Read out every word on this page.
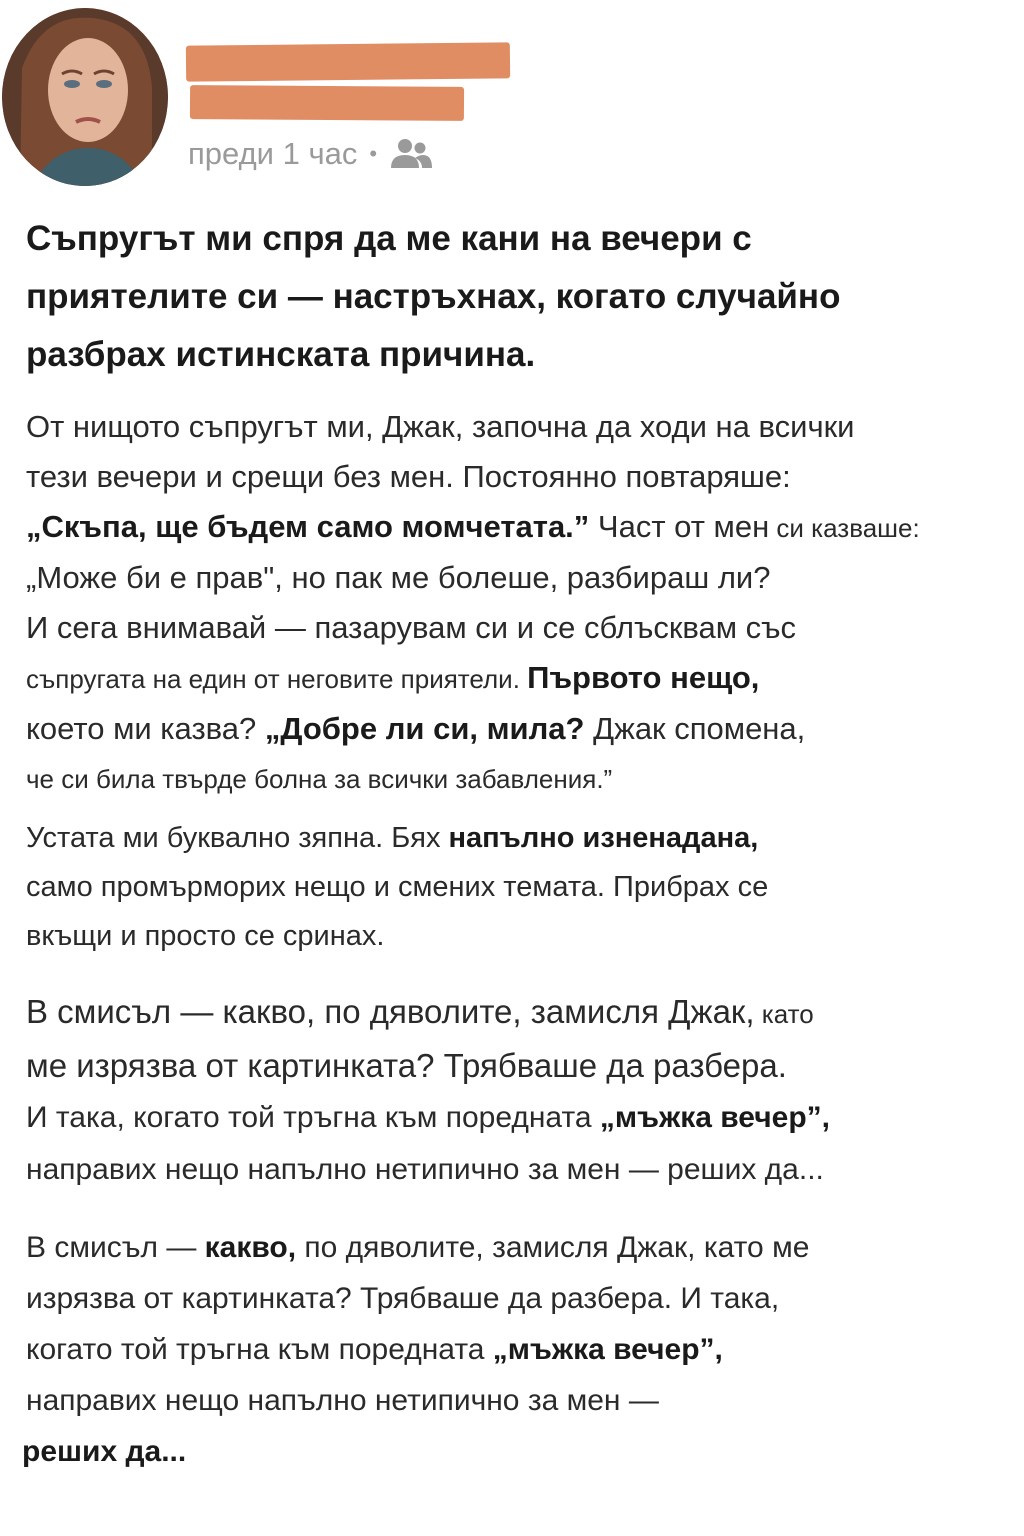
преди 1 час •
Съпругът ми спря да ме кани на вечери с
приятелите си — настръхнах, когато случайно
разбрах истинската причина.
От нищото съпругът ми, Джак, започна да ходи на всички
тези вечери и срещи без мен. Постоянно повтаряше:
„Скъпа, ще бъдем само момчетата.” Част от мен си казваше:
„Може би е прав", но пак ме болеше, разбираш ли?
И сега внимавай — пазарувам си и се сблъсквам със
съпругата на един от неговите приятели. Първото нещо,
което ми казва? „Добре ли си, мила? Джак спомена,
че си била твърде болна за всички забавления.”
Устата ми буквално зяпна. Бях напълно изненадана,
само промърморих нещо и смених темата. Прибрах се
вкъщи и просто се сринах.
В смисъл — какво, по дяволите, замисля Джак, като
ме изрязва от картинката? Трябваше да разбера.
И така, когато той тръгна към поредната „мъжка вечер”,
направих нещо напълно нетипично за мен — реших да...
В смисъл — какво, по дяволите, замисля Джак, като ме
изрязва от картинката? Трябваше да разбера. И така,
когато той тръгна към поредната „мъжка вечер”,
направих нещо напълно нетипично за мен —
реших да...
